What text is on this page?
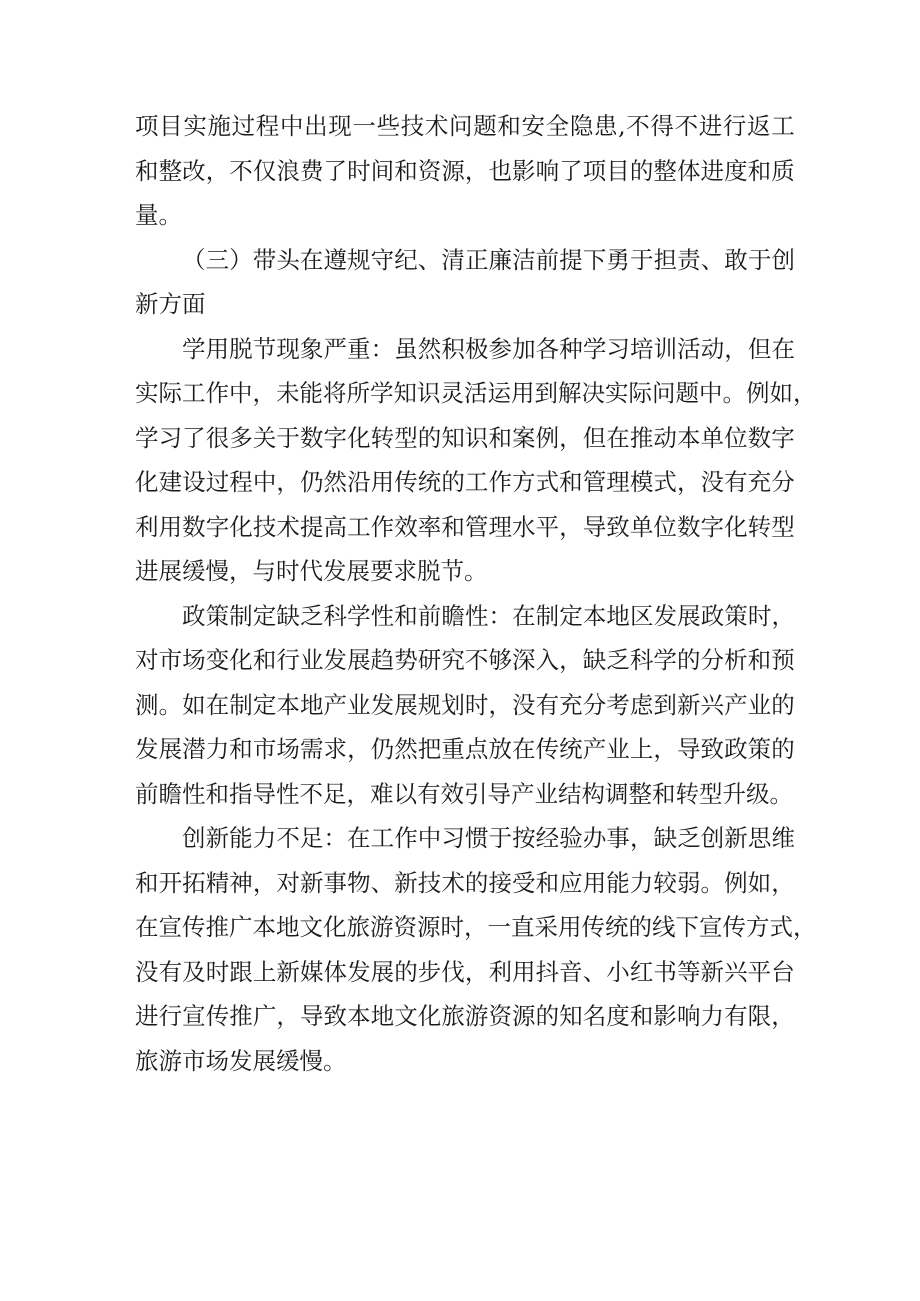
项 目 实 施 过 程 中 出 现 一 些 技 术 问 题 和 安 全 隐 患 , 不 得 不 进 行 返 工
和 整 改 ， 不 仅 浪 费 了 时 间 和 资 源 ， 也 影 响 了 项 目 的 整 体 进 度 和 质
量。

（ 三 ） 带 头 在 遵 规 守 纪 、 清 正 廉 洁 前 提 下 勇 于 担 责 、 敢 于 创
新方面

学 用 脱 节 现 象 严 重 ： 虽 然 积 极 参 加 各 种 学 习 培 训 活 动 ， 但 在
实 际 工 作 中 ， 未 能 将 所 学 知 识 灵 活 运 用 到 解 决 实 际 问 题 中 。 例 如 ，
学 习 了 很 多 关 于 数 字 化 转 型 的 知 识 和 案 例 ， 但 在 推 动 本 单 位 数 字
化 建 设 过 程 中 ， 仍 然 沿 用 传 统 的 工 作 方 式 和 管 理 模 式 ， 没 有 充 分
利 用 数 字 化 技 术 提 高 工 作 效 率 和 管 理 水 平 ， 导 致 单 位 数 字 化 转 型
进展缓慢，与时代发展要求脱节。

政 策 制 定 缺 乏 科 学 性 和 前 瞻 性 ： 在 制 定 本 地 区 发 展 政 策 时 ，
对 市 场 变 化 和 行 业 发 展 趋 势 研 究 不 够 深 入 ， 缺 乏 科 学 的 分 析 和 预
测 。 如 在 制 定 本 地 产 业 发 展 规 划 时 ， 没 有 充 分 考 虑 到 新 兴 产 业 的
发 展 潜 力 和 市 场 需 求 ， 仍 然 把 重 点 放 在 传 统 产 业 上 ， 导 致 政 策 的
前瞻性和指导性不足，难以有效引导产业结构调整和转型升级。

创 新 能 力 不 足 ： 在 工 作 中 习 惯 于 按 经 验 办 事 ， 缺 乏 创 新 思 维
和 开 拓 精 神 ， 对 新 事 物 、 新 技 术 的 接 受 和 应 用 能 力 较 弱 。 例 如 ，
在 宣 传 推 广 本 地 文 化 旅 游 资 源 时 ， 一 直 采 用 传 统 的 线 下 宣 传 方 式 ，
没 有 及 时 跟 上 新 媒 体 发 展 的 步 伐 ， 利 用 抖 音 、 小 红 书 等 新 兴 平 台
进 行 宣 传 推 广 ， 导 致 本 地 文 化 旅 游 资 源 的 知 名 度 和 影 响 力 有 限 ，
旅游市场发展缓慢。
